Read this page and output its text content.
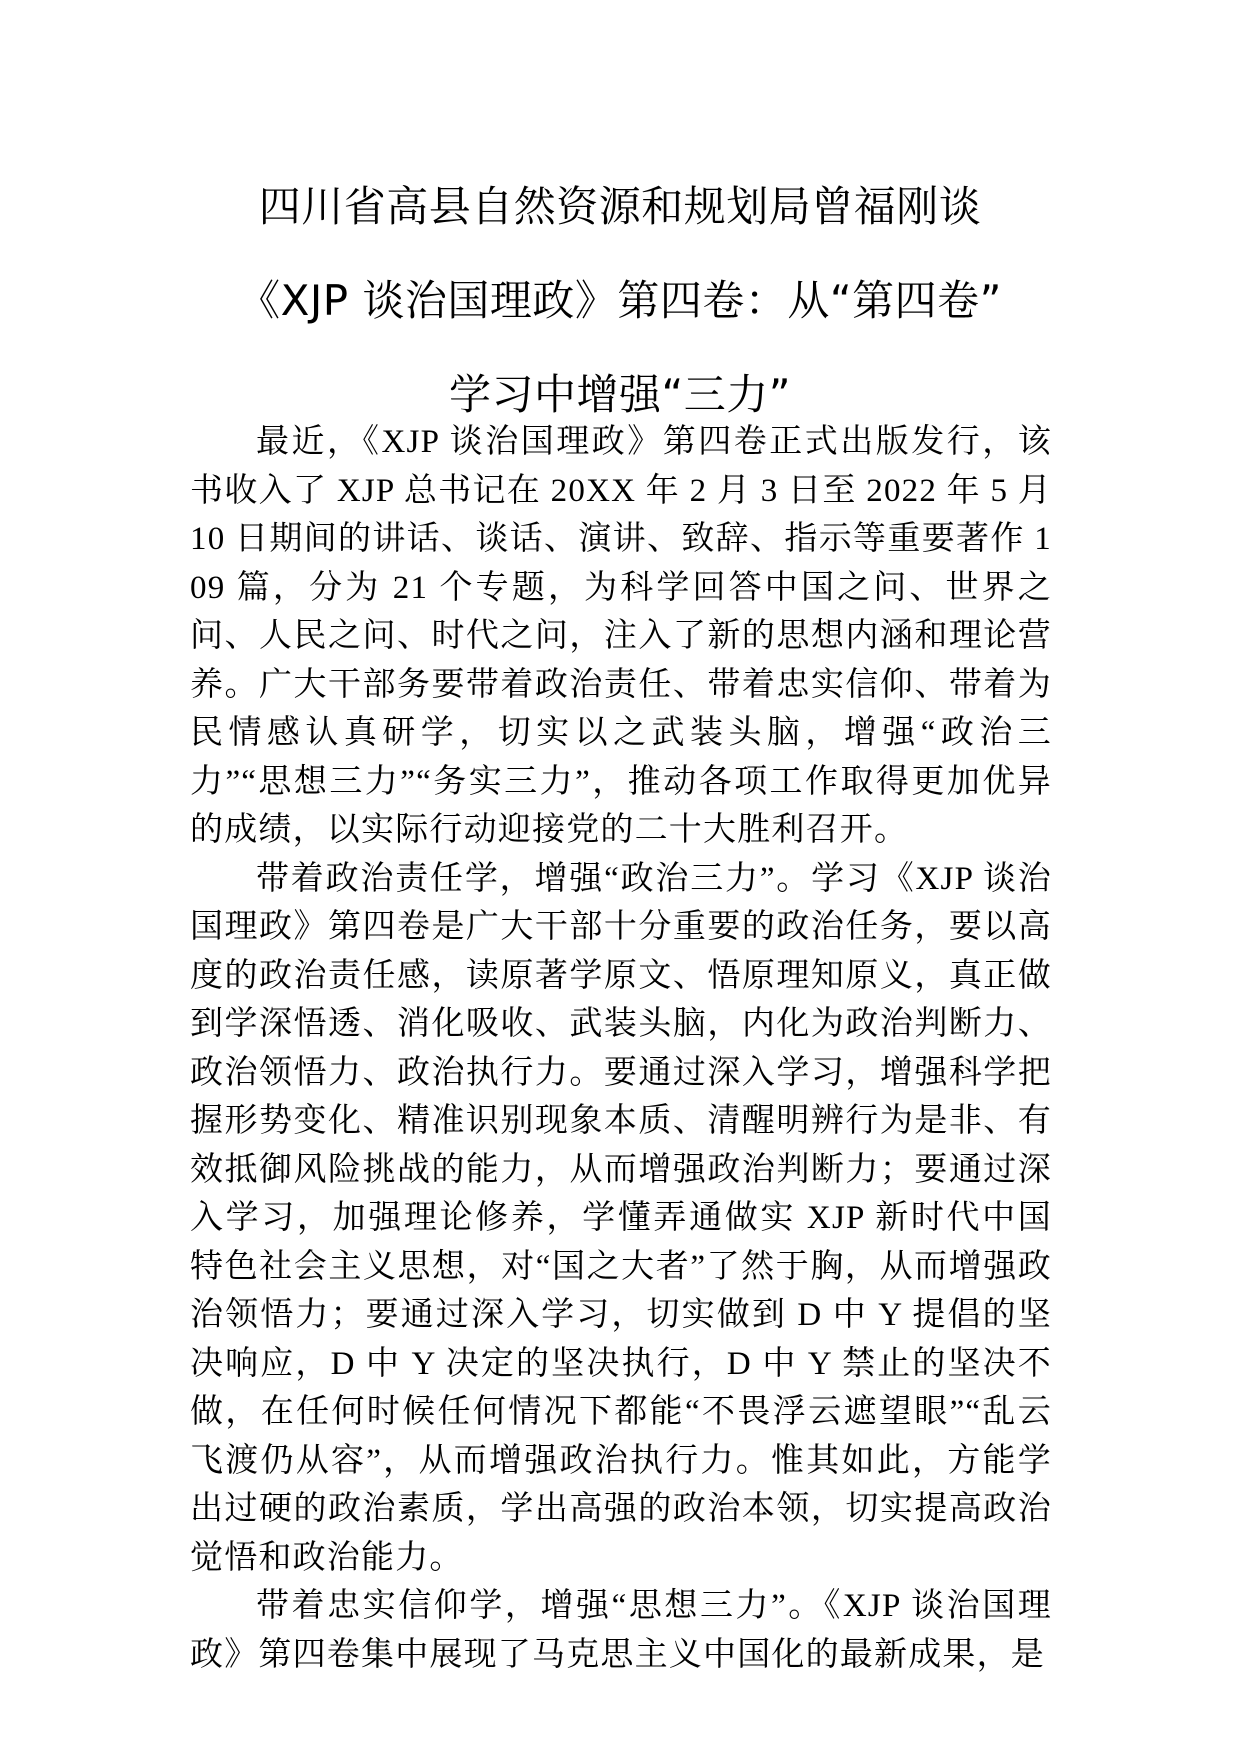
四川省高县自然资源和规划局曾福刚谈
《XJP 谈治国理政》第四卷：从“第四卷”
学习中增强“三力”

最近，《XJP 谈治国理政》第四卷正式出版发行，该书收入了 XJP 总书记在 20XX 年 2 月 3 日至 2022 年 5 月 10 日期间的讲话、谈话、演讲、致辞、指示等重要著作 109 篇，分为 21 个专题，为科学回答中国之问、世界之问、人民之问、时代之问，注入了新的思想内涵和理论营养。广大干部务要带着政治责任、带着忠实信仰、带着为民情感认真研学，切实以之武装头脑，增强“政治三力”“思想三力”“务实三力”，推动各项工作取得更加优异的成绩，以实际行动迎接党的二十大胜利召开。

带着政治责任学，增强“政治三力”。学习《XJP 谈治国理政》第四卷是广大干部十分重要的政治任务，要以高度的政治责任感，读原著学原文、悟原理知原义，真正做到学深悟透、消化吸收、武装头脑，内化为政治判断力、政治领悟力、政治执行力。要通过深入学习，增强科学把握形势变化、精准识别现象本质、清醒明辨行为是非、有效抵御风险挑战的能力，从而增强政治判断力；要通过深入学习，加强理论修养，学懂弄通做实 XJP 新时代中国特色社会主义思想，对“国之大者”了然于胸，从而增强政治领悟力；要通过深入学习，切实做到 D 中 Y 提倡的坚决响应，D 中 Y 决定的坚决执行，D 中 Y 禁止的坚决不做，在任何时候任何情况下都能“不畏浮云遮望眼”“乱云飞渡仍从容”，从而增强政治执行力。惟其如此，方能学出过硬的政治素质，学出高强的政治本领，切实提高政治觉悟和政治能力。

带着忠实信仰学，增强“思想三力”。《XJP 谈治国理政》第四卷集中展现了马克思主义中国化的最新成果，是
